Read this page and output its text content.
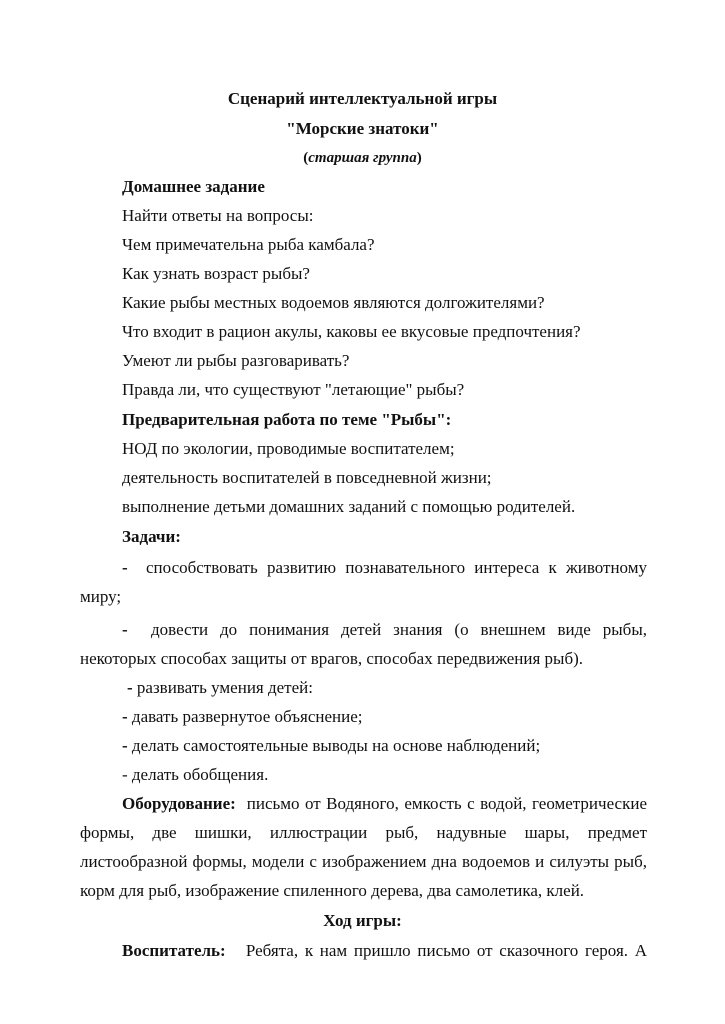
Сценарий интеллектуальной игры
"Морские знатоки"
(старшая группа)
Домашнее задание
Найти ответы на вопросы:
Чем примечательна рыба камбала?
Как узнать возраст рыбы?
Какие рыбы местных водоемов являются долгожителями?
Что входит в рацион акулы, каковы ее вкусовые предпочтения?
Умеют ли рыбы разговаривать?
Правда ли, что существуют "летающие" рыбы?
Предварительная работа по теме "Рыбы":
НОД по экологии, проводимые воспитателем;
деятельность воспитателей в повседневной жизни;
выполнение детьми домашних заданий с помощью родителей.
Задачи:
- способствовать развитию познавательного интереса к животному
миру;
- довести до понимания детей знания (о внешнем виде рыбы,
некоторых способах защиты от врагов, способах передвижения рыб).
- развивать умения детей:
- давать развернутое объяснение;
- делать самостоятельные выводы на основе наблюдений;
- делать обобщения.
Оборудование: письмо от Водяного, емкость с водой, геометрические
формы, две шишки, иллюстрации рыб, надувные шары, предмет
листообразной формы, модели с изображением дна водоемов и силуэты рыб,
корм для рыб, изображение спиленного дерева, два самолетика, клей.
Ход игры:
Воспитатель: Ребята, к нам пришло письмо от сказочного героя. А
